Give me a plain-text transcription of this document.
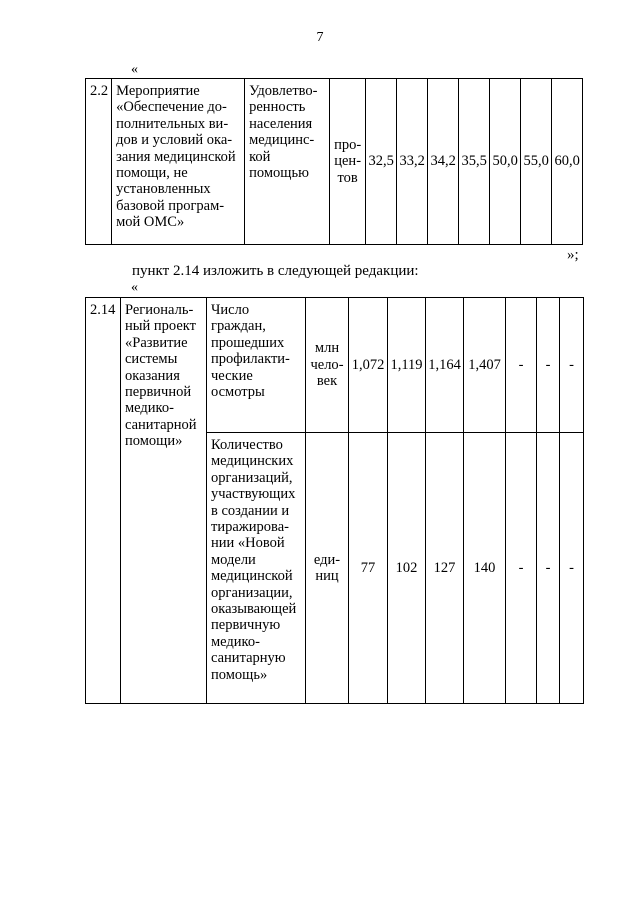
7
«
2.2	Мероприятие «Обеспечение дополнительных видов и условий оказания медицинской помощи, не установленных базовой программой ОМС»	Удовлетворенность населения медицинской помощью	процентов	32,5	33,2	34,2	35,5	50,0	55,0	60,0
»;
пункт 2.14 изложить в следующей редакции:
«
2.14	Региональный проект «Развитие системы оказания первичной медико-санитарной помощи»	Число граждан, прошедших профилактические осмотры	млн человек	1,072	1,119	1,164	1,407	-	-	-
		Количество медицинских организаций, участвующих в создании и тиражировании «Новой модели медицинской организации, оказывающей первичную медико-санитарную помощь»	единиц	77	102	127	140	-	-	-
